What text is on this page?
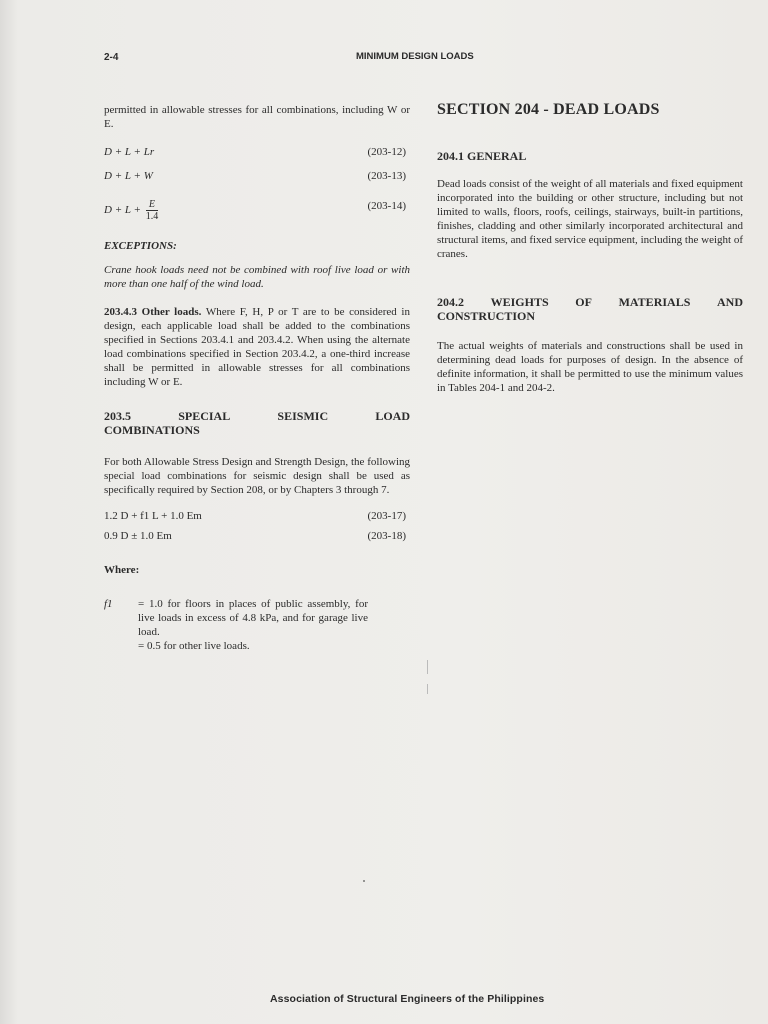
2-4	MINIMUM DESIGN LOADS

permitted in allowable stresses for all combinations, including W or E.

D + L + Lr	(203-12)
D + L + W	(203-13)
$D + L + \frac{E}{1.4}$	(203-14)

EXCEPTIONS:

Crane hook loads need not be combined with roof live load or with more than one half of the wind load.

203.4.3 Other loads. Where F, H, P or T are to be considered in design, each applicable load shall be added to the combinations specified in Sections 203.4.1 and 203.4.2. When using the alternate load combinations specified in Section 203.4.2, a one-third increase shall be permitted in allowable stresses for all combinations including W or E.

203.5	SPECIAL	SEISMIC	LOAD
COMBINATIONS

For both Allowable Stress Design and Strength Design, the following special load combinations for seismic design shall be used as specifically required by Section 208, or by Chapters 3 through 7.

1.2 D + f1 L + 1.0 Em	(203-17)
0.9 D ± 1.0 Em	(203-18)

Where:

f1 = 1.0 for floors in places of public assembly, for live loads in excess of 4.8 kPa, and for garage live load.

= 0.5 for other live loads.

SECTION 204 - DEAD LOADS
204.1 GENERAL

Dead loads consist of the weight of all materials and fixed equipment incorporated into the building or other structure, including but not limited to walls, floors, roofs, ceilings, stairways, built-in partitions, finishes, cladding and other similarly incorporated architectural and structural items, and fixed service equipment, including the weight of cranes.

204.2 WEIGHTS OF MATERIALS AND
CONSTRUCTION

The actual weights of materials and constructions shall be used in determining dead loads for purposes of design. In the absence of definite information, it shall be permitted to use the minimum values in Tables 204-1 and 204-2.

Association of Structural Engineers of the Philippines
